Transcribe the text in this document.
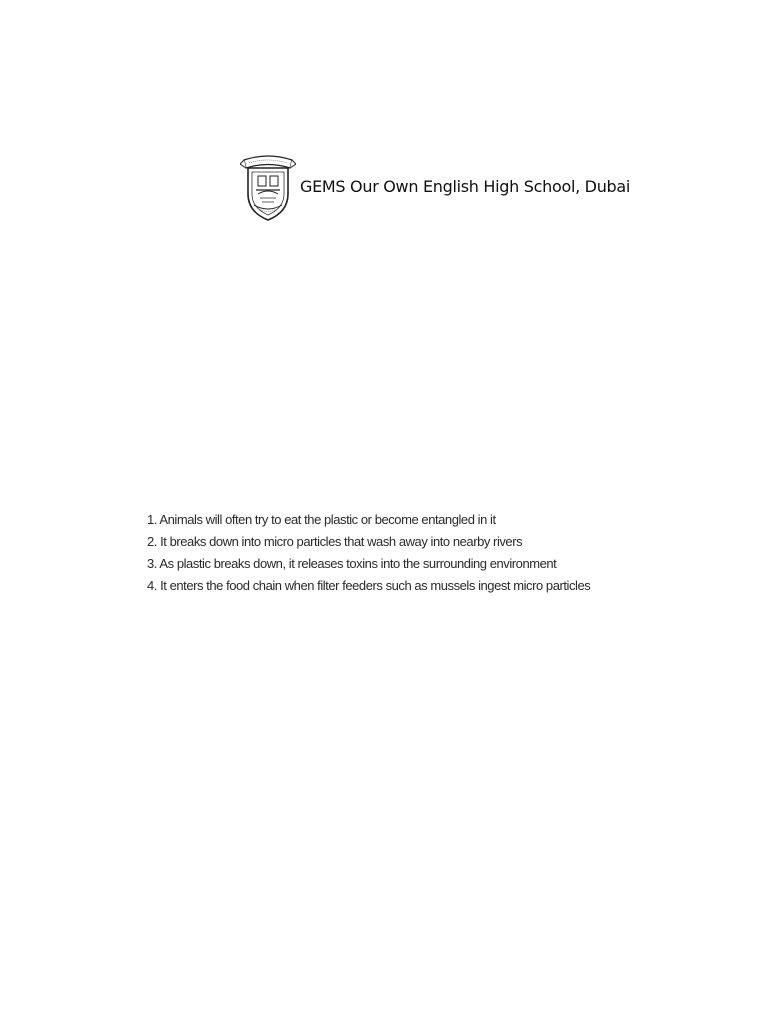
GEMS Our Own English High School, Dubai
1. Animals will often try to eat the plastic or become entangled in it
2. It breaks down into micro particles that wash away into nearby rivers
3. As plastic breaks down, it releases toxins into the surrounding environment
4. It enters the food chain when filter feeders such as mussels ingest micro particles
